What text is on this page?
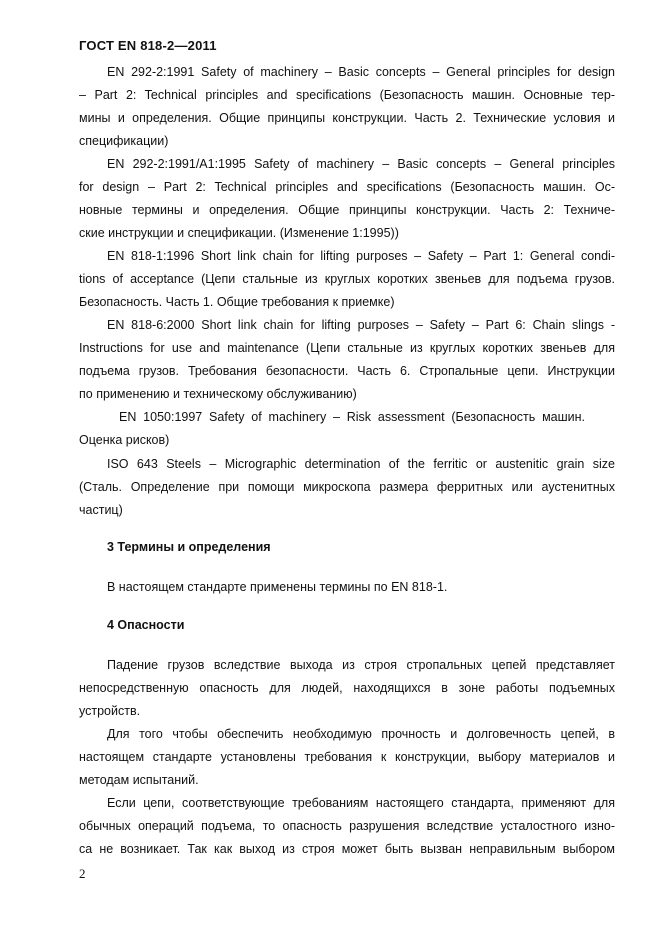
ГОСТ EN 818-2—2011
EN 292-2:1991 Safety of machinery – Basic concepts – General principles for design
– Part 2: Technical principles and specifications (Безопасность машин. Основные тер-
мины и определения. Общие принципы конструкции. Часть 2. Технические условия и
спецификации)
EN 292-2:1991/A1:1995 Safety of machinery – Basic concepts – General principles
for design – Part 2: Technical principles and specifications (Безопасность машин. Ос-
новные термины и определения. Общие принципы конструкции. Часть 2: Техниче-
ские инструкции и спецификации. (Изменение 1:1995))
EN 818-1:1996 Short link chain for lifting purposes – Safety – Part 1: General condi-
tions of acceptance (Цепи стальные из круглых коротких звеньев для подъема грузов.
Безопасность. Часть 1. Общие требования к приемке)
EN 818-6:2000 Short link chain for lifting purposes – Safety – Part 6: Chain slings -
Instructions for use and maintenance (Цепи стальные из круглых коротких звеньев для
подъема грузов. Требования безопасности. Часть 6. Стропальные цепи. Инструкции
по применению и техническому обслуживанию)
EN 1050:1997 Safety of machinery – Risk assessment (Безопасность машин.
Оценка рисков)
ISO 643 Steels – Micrographic determination of the ferritic or austenitic grain size
(Сталь. Определение при помощи микроскопа размера ферритных или аустенитных
частиц)
3 Термины и определения
В настоящем стандарте применены термины по EN 818-1.
4 Опасности
Падение грузов вследствие выхода из строя стропальных цепей представляет
непосредственную опасность для людей, находящихся в зоне работы подъемных
устройств.
Для того чтобы обеспечить необходимую прочность и долговечность цепей, в
настоящем стандарте установлены требования к конструкции, выбору материалов и
методам испытаний.
Если цепи, соответствующие требованиям настоящего стандарта, применяют для
обычных операций подъема, то опасность разрушения вследствие усталостного изно-
са не возникает. Так как выход из строя может быть вызван неправильным выбором
2
